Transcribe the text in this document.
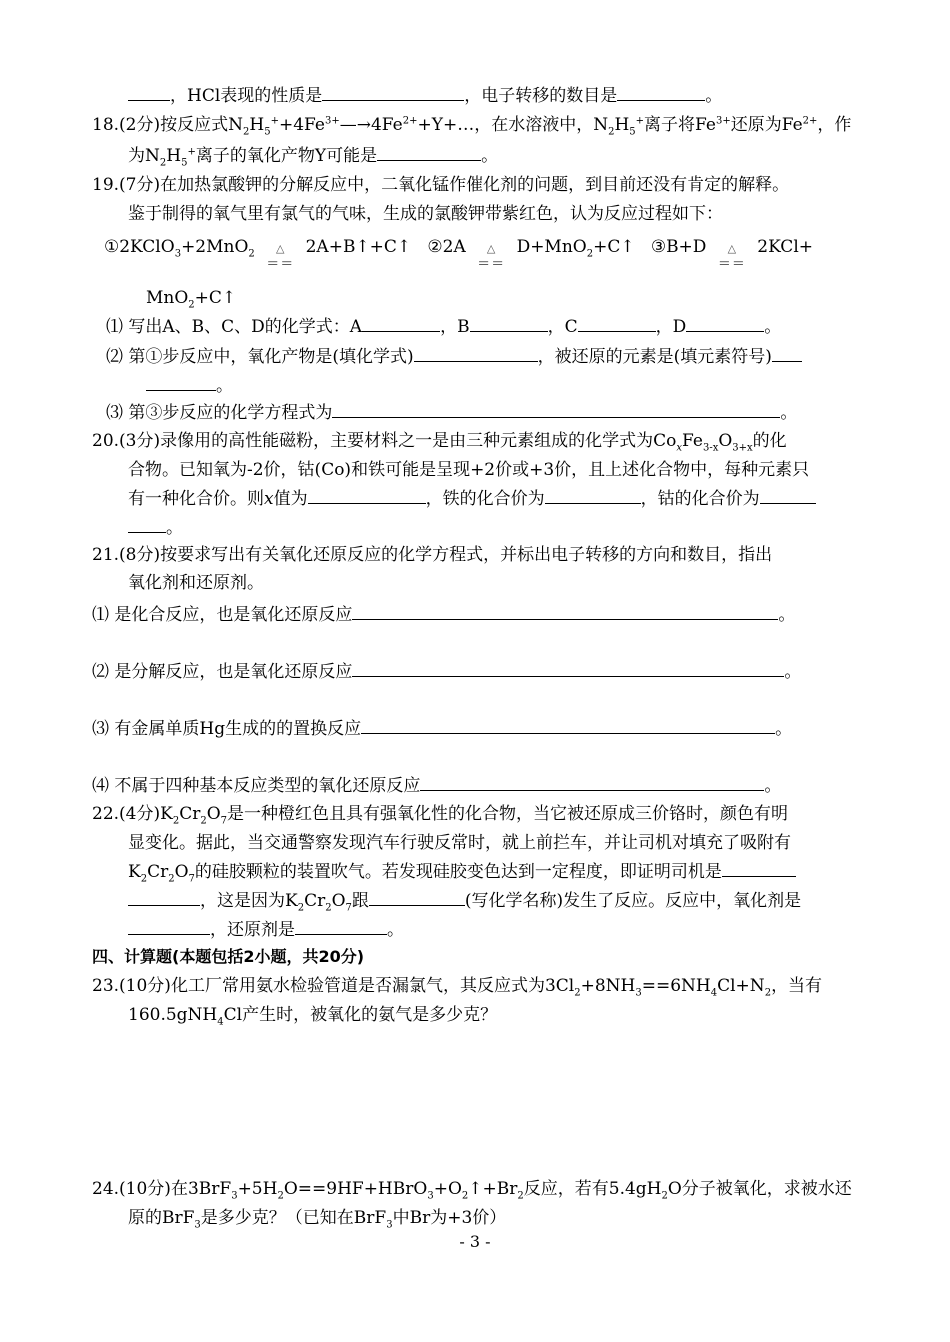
，HCl表现的性质是	，电子转移的数目是	。
18.(2分)按反应式$N_2H_5^++4Fe^{3+}—\to 4Fe^{2+}+Y+\dots$，在水溶液中，$N_2H_5^+$离子将$Fe^{3+}$还原为$Fe^{2+}$，作
为$N_2H_5^+$离子的氧化产物Y可能是	。
19.(7分)在加热氯酸钾的分解反应中，二氧化锰作催化剂的问题，到目前还没有肯定的解释。
鉴于制得的氧气里有氯气的气味，生成的氯酸钾带紫红色，认为反应过程如下：
①2KClO$_3$+2MnO$_2$	△
＝＝
2A+B↑+C↑ ②2A	△
＝＝
D+MnO$_2$+C↑ ③B+D	△
＝＝
2KCl+
MnO$_2$+C↑
⑴ 写出A、B、C、D的化学式：A	，B	，C	，D	。
⑵ 第①步反应中，氧化产物是(填化学式)	，被还原的元素是(填元素符号)
。
⑶ 第③步反应的化学方程式为	。
20.(3分)录像用的高性能磁粉，主要材料之一是由三种元素组成的化学式为$Co_xFe_{3-x}O_{3+x}$的化
合物。已知氧为-2价，钴(Co)和铁可能是呈现+2价或+3价，且上述化合物中，每种元素只
有一种化合价。则x值为	，铁的化合价为	，钴的化合价为
。
21.(8分)按要求写出有关氧化还原反应的化学方程式，并标出电子转移的方向和数目，指出
氧化剂和还原剂。
⑴ 是化合反应，也是氧化还原反应	。
⑵ 是分解反应，也是氧化还原反应	。
⑶ 有金属单质Hg生成的的置换反应	。
⑷ 不属于四种基本反应类型的氧化还原反应	。
22.(4分)$K_2Cr_2O_7$是一种橙红色且具有强氧化性的化合物，当它被还原成三价铬时，颜色有明
显变化。据此，当交通警察发现汽车行驶反常时，就上前拦车，并让司机对填充了吸附有
$K_2Cr_2O_7$的硅胶颗粒的装置吹气。若发现硅胶变色达到一定程度，即证明司机是
，这是因为$K_2Cr_2O_7$跟	(写化学名称)发生了反应。反应中，氧化剂是
，还原剂是	。
四、计算题(本题包括2小题，共20分)
23.(10分)化工厂常用氨水检验管道是否漏氯气，其反应式为$3Cl_2+8NH_3==6NH_4Cl+N_2$，当有
160.5gNH$_4$Cl产生时，被氧化的氨气是多少克？
24.(10分)在$3BrF_3+5H_2O==9HF+HBrO_3+O_2↑+Br_2$反应，若有$5.4gH_2O$分子被氧化，求被水还
原的BrF$_3$是多少克？（已知在BrF$_3$中Br为+3价）
- 3 -
